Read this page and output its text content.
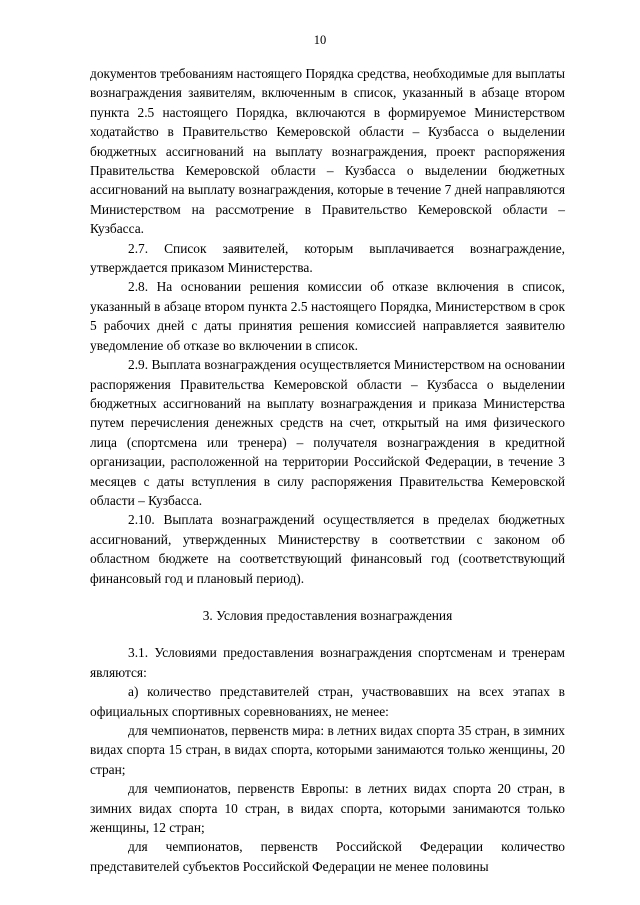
10

документов требованиям настоящего Порядка средства, необходимые для выплаты вознаграждения заявителям, включенным в список, указанный в абзаце втором пункта 2.5 настоящего Порядка, включаются в формируемое Министерством ходатайство в Правительство Кемеровской области – Кузбасса о выделении бюджетных ассигнований на выплату вознаграждения, проект распоряжения Правительства Кемеровской области – Кузбасса о выделении бюджетных ассигнований на выплату вознаграждения, которые в течение 7 дней направляются Министерством на рассмотрение в Правительство Кемеровской области – Кузбасса.

2.7. Список заявителей, которым выплачивается вознаграждение, утверждается приказом Министерства.

2.8. На основании решения комиссии об отказе включения в список, указанный в абзаце втором пункта 2.5 настоящего Порядка, Министерством в срок 5 рабочих дней с даты принятия решения комиссией направляется заявителю уведомление об отказе во включении в список.

2.9. Выплата вознаграждения осуществляется Министерством на основании распоряжения Правительства Кемеровской области – Кузбасса о выделении бюджетных ассигнований на выплату вознаграждения и приказа Министерства путем перечисления денежных средств на счет, открытый на имя физического лица (спортсмена или тренера) – получателя вознаграждения в кредитной организации, расположенной на территории Российской Федерации, в течение 3 месяцев с даты вступления в силу распоряжения Правительства Кемеровской области – Кузбасса.

2.10. Выплата вознаграждений осуществляется в пределах бюджетных ассигнований, утвержденных Министерству в соответствии с законом об областном бюджете на соответствующий финансовый год (соответствующий финансовый год и плановый период).

3. Условия предоставления вознаграждения

3.1. Условиями предоставления вознаграждения спортсменам и тренерам являются:

а) количество представителей стран, участвовавших на всех этапах в официальных спортивных соревнованиях, не менее:

для чемпионатов, первенств мира: в летних видах спорта 35 стран, в зимних видах спорта 15 стран, в видах спорта, которыми занимаются только женщины, 20 стран;

для чемпионатов, первенств Европы: в летних видах спорта 20 стран, в зимних видах спорта 10 стран, в видах спорта, которыми занимаются только женщины, 12 стран;

для чемпионатов, первенств Российской Федерации количество представителей субъектов Российской Федерации не менее половины
